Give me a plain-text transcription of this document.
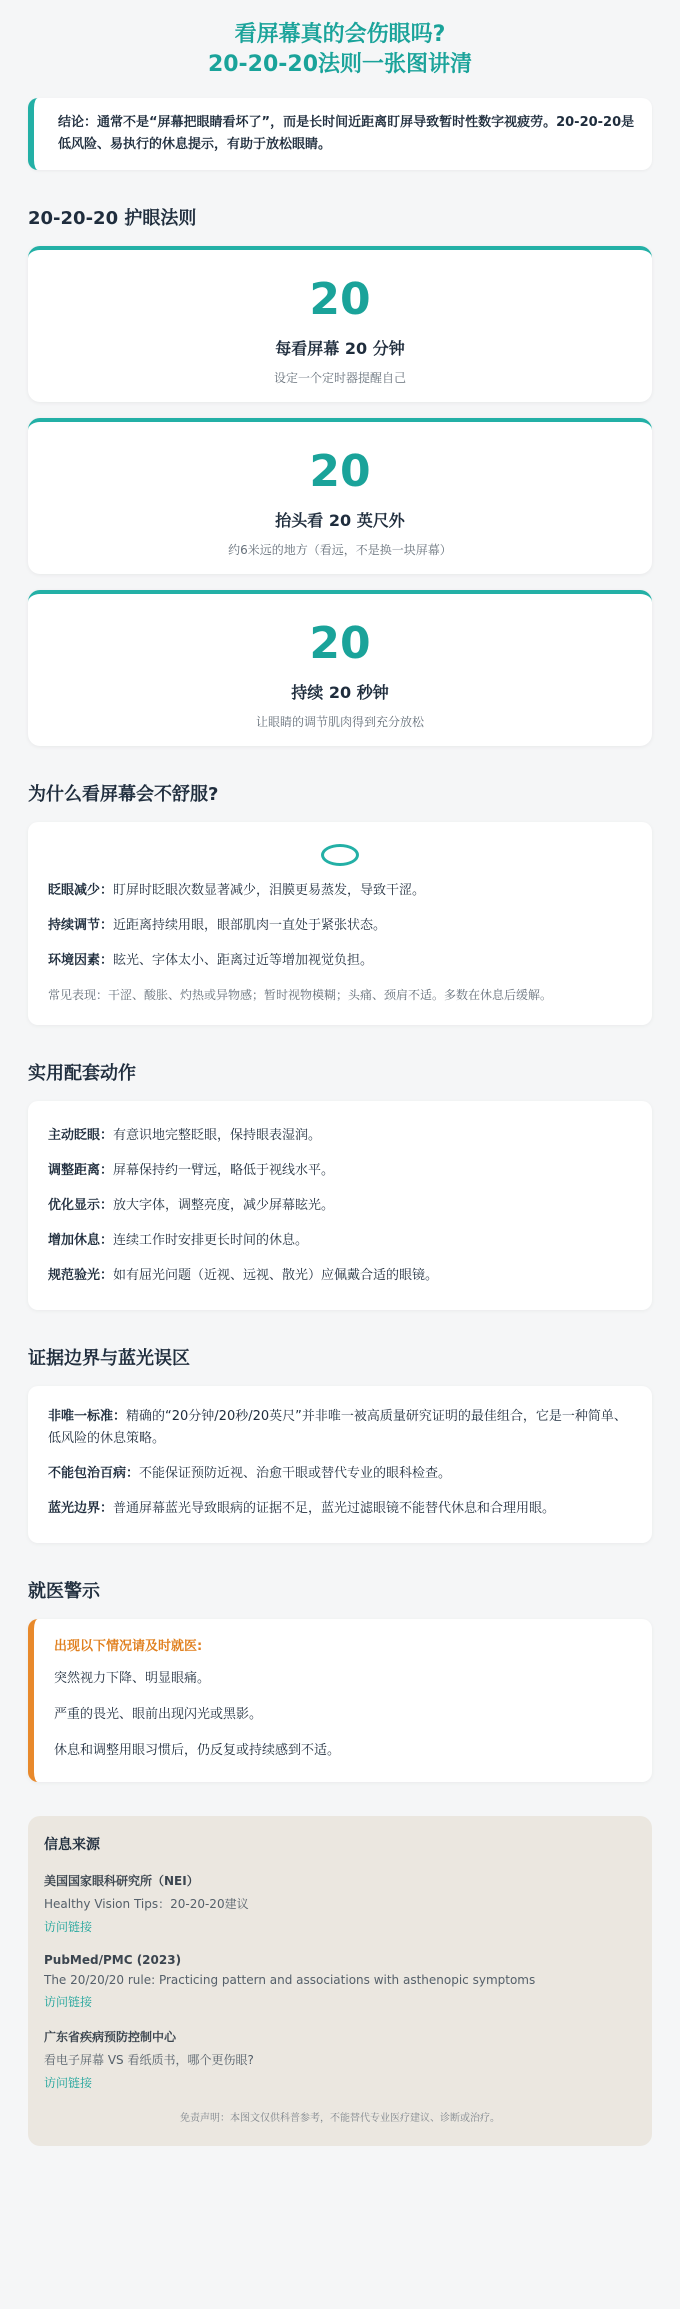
看屏幕真的会伤眼吗?
20-20-20法则一张图讲清
结论：通常不是“屏幕把眼睛看坏了”，而是长时间近距离盯屏导致暂时性数字视疲劳。20-20-20是低风险、易执行的休息提示，有助于放松眼睛。
20-20-20 护眼法则
20
每看屏幕 20 分钟
设定一个定时器提醒自己
20
抬头看 20 英尺外
约6米远的地方（看远，不是换一块屏幕）
20
持续 20 秒钟
让眼睛的调节肌肉得到充分放松
为什么看屏幕会不舒服?
眨眼减少：盯屏时眨眼次数显著减少，泪膜更易蒸发，导致干涩。
持续调节：近距离持续用眼，眼部肌肉一直处于紧张状态。
环境因素：眩光、字体太小、距离过近等增加视觉负担。
常见表现：干涩、酸胀、灼热或异物感；暂时视物模糊；头痛、颈肩不适。多数在休息后缓解。
实用配套动作
主动眨眼：有意识地完整眨眼，保持眼表湿润。
调整距离：屏幕保持约一臂远，略低于视线水平。
优化显示：放大字体，调整亮度，减少屏幕眩光。
增加休息：连续工作时安排更长时间的休息。
规范验光：如有屈光问题（近视、远视、散光）应佩戴合适的眼镜。
证据边界与蓝光误区
非唯一标准：精确的“20分钟/20秒/20英尺”并非唯一被高质量研究证明的最佳组合，它是一种简单、低风险的休息策略。
不能包治百病：不能保证预防近视、治愈干眼或替代专业的眼科检查。
蓝光边界：普通屏幕蓝光导致眼病的证据不足，蓝光过滤眼镜不能替代休息和合理用眼。
就医警示
出现以下情况请及时就医:
突然视力下降、明显眼痛。
严重的畏光、眼前出现闪光或黑影。
休息和调整用眼习惯后，仍反复或持续感到不适。
信息来源
美国国家眼科研究所（NEI）
Healthy Vision Tips：20-20-20建议
访问链接
PubMed/PMC (2023)
The 20/20/20 rule: Practicing pattern and associations with asthenopic symptoms
访问链接
广东省疾病预防控制中心
看电子屏幕 VS 看纸质书，哪个更伤眼?
访问链接
免责声明：本图文仅供科普参考，不能替代专业医疗建议、诊断或治疗。
